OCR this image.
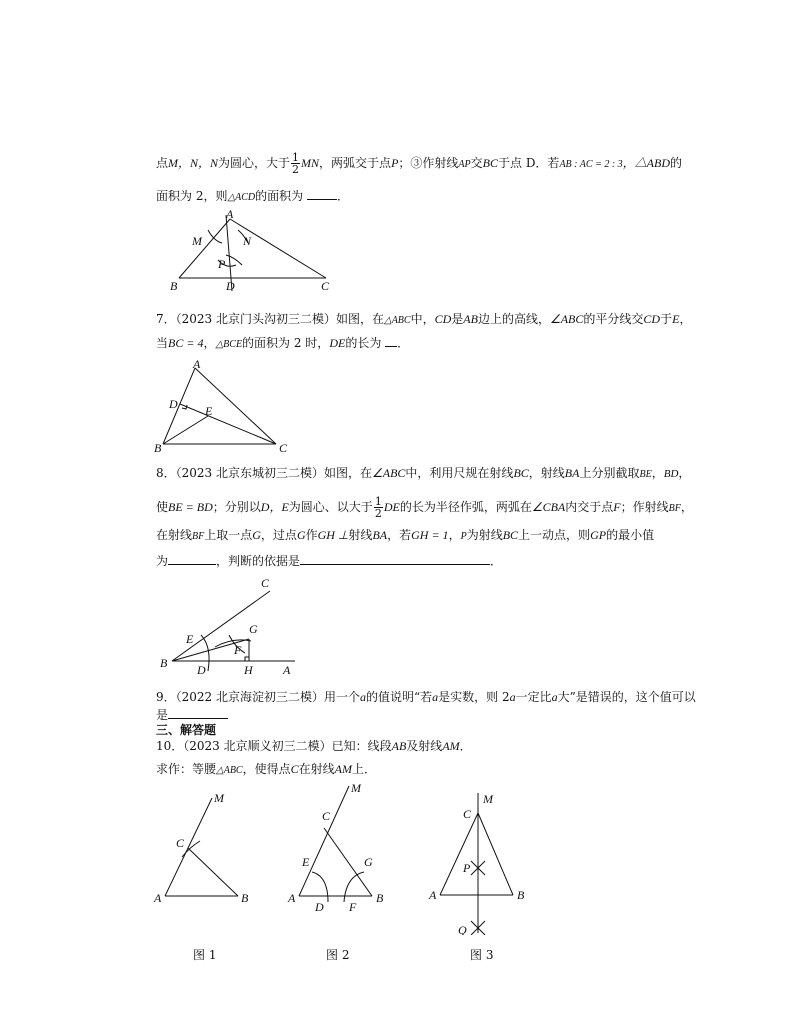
点M，N，N为圆心，大于 $\frac{1}{2}$ MN，两弧交于点P；③作射线AP交BC于点 D．若AB : AC = 2 : 3，△ABD的
面积为 2，则△ACD的面积为	．
A
M	N
P
B	D	C
7．（2023 北京门头沟初三二模）如图，在△ABC中，CD是AB边上的高线，∠ABC的平分线交CD于E，
当BC = 4，△BCE的面积为 2 时，DE的长为 ．
A
D E
B	C
8．（2023 北京东城初三二模）如图，在∠ABC中，利用尺规在射线BC，射线BA上分别截取BE，BD，
使BE = BD；分别以D，E为圆心、以大于 $\frac{1}{2}$ DE的长为半径作弧，两弧在∠CBA内交于点F；作射线BF，
在射线BF上取一点G，过点G作GH ⊥射线BA，若GH = 1，P为射线BC上一动点，则GP的最小值
为	，判断的依据是	．
C
G
E
F
B D	H	A
9．（2022 北京海淀初三二模）用一个a的值说明“若a是实数，则 2a一定比a大”是错误的，这个值可以
是
三、解答题
10．（2023 北京顺义初三二模）已知：线段AB及射线AM．
求作：等腰△ABC，使得点C在射线AM上．
M
C
A	B
M
C
E	G
A
D F
B
M
C
P
A	B
Q
图 1	图 2	图 3
